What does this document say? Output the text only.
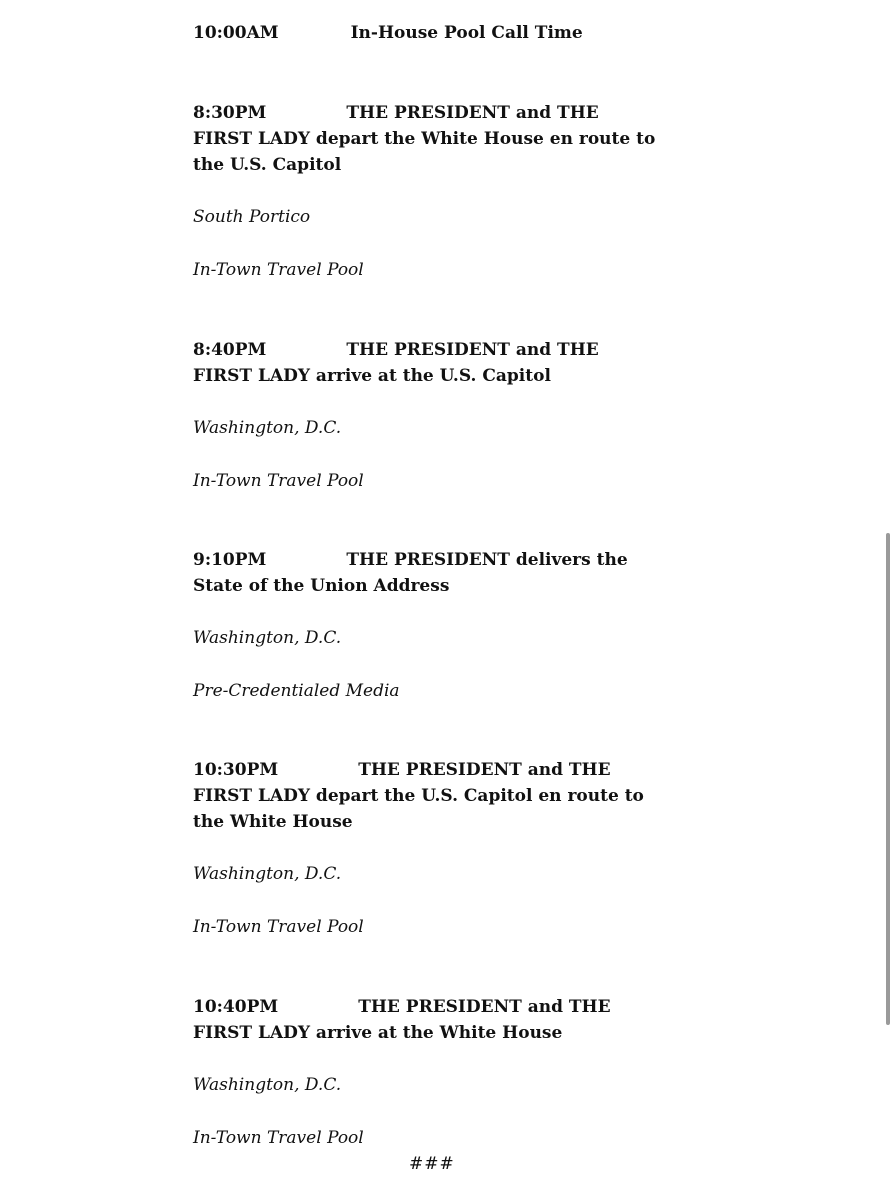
10:00AM	In-House Pool Call Time

8:30PM	THE PRESIDENT and THE FIRST LADY depart the White House en route to the U.S. Capitol

South Portico

In-Town Travel Pool

8:40PM	THE PRESIDENT and THE FIRST LADY arrive at the U.S. Capitol

Washington, D.C.

In-Town Travel Pool

9:10PM	THE PRESIDENT delivers the State of the Union Address

Washington, D.C.

Pre-Credentialed Media

10:30PM	THE PRESIDENT and THE FIRST LADY depart the U.S. Capitol en route to the White House

Washington, D.C.

In-Town Travel Pool

10:40PM	THE PRESIDENT and THE FIRST LADY arrive at the White House

Washington, D.C.

In-Town Travel Pool

###
